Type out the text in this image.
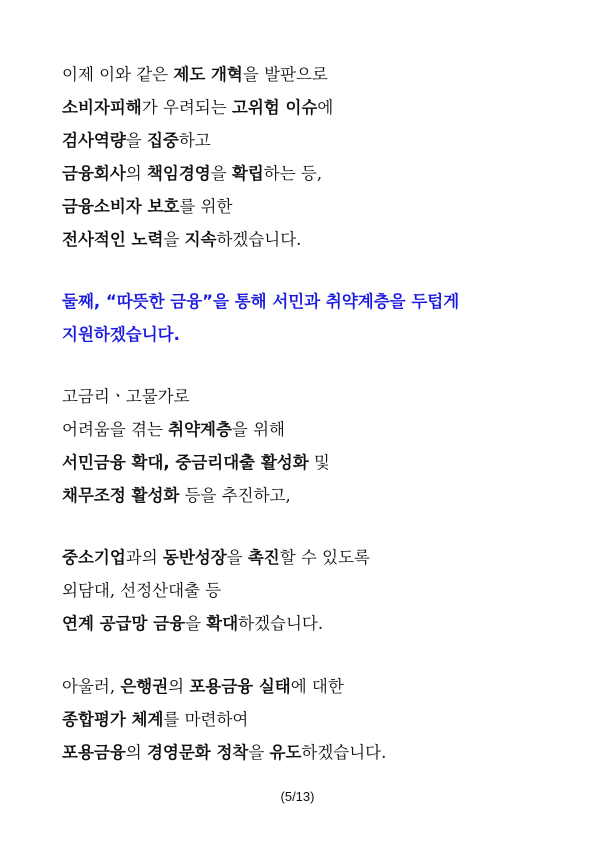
이제 이와 같은 제도 개혁을 발판으로
소비자피해가 우려되는 고위험 이슈에
검사역량을 집중하고
금융회사의 책임경영을 확립하는 등,
금융소비자 보호를 위한
전사적인 노력을 지속하겠습니다.
둘째, “따뜻한 금융”을 통해 서민과 취약계층을 두텁게
지원하겠습니다.
고금리ㆍ고물가로
어려움을 겪는 취약계층을 위해
서민금융 확대, 중금리대출 활성화 및
채무조정 활성화 등을 추진하고,
중소기업과의 동반성장을 촉진할 수 있도록
외담대, 선정산대출 등
연계 공급망 금융을 확대하겠습니다.
아울러, 은행권의 포용금융 실태에 대한
종합평가 체계를 마련하여
포용금융의 경영문화 정착을 유도하겠습니다.
(5/13)
